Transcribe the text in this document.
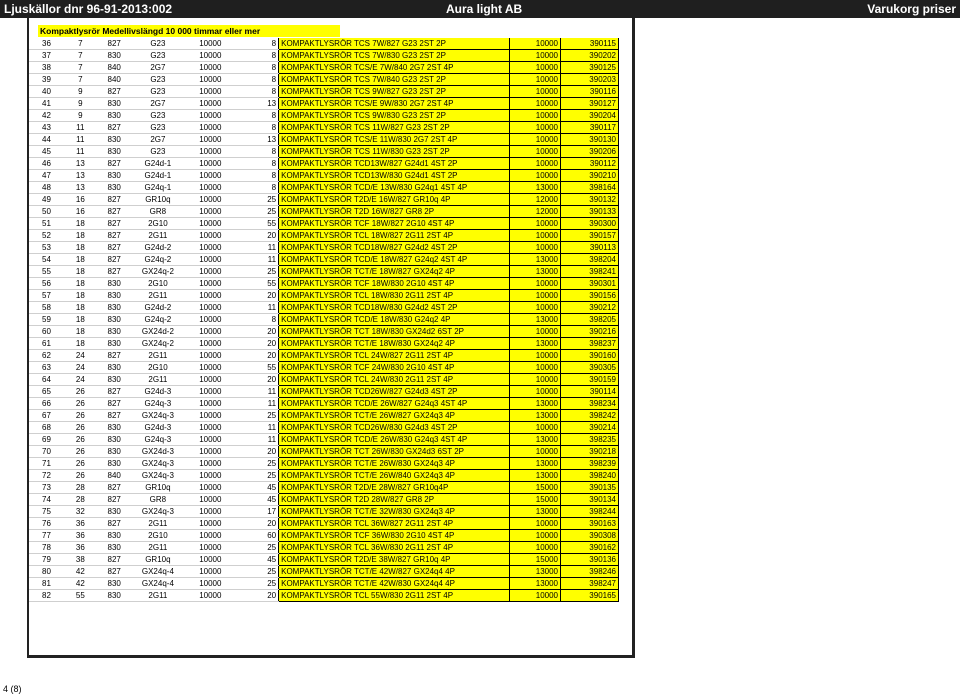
Ljuskällor dnr 96-91-2013:002	Aura light AB	Varukorg priser
Kompaktlysrör Medellivslängd 10 000 timmar eller mer
36	7	827	G23	10000	8	KOMPAKTLYSRÖR TCS 7W/827 G23 2ST 2P	10000	390115
37	7	830	G23	10000	8	KOMPAKTLYSRÖR TCS 7W/830 G23 2ST 2P	10000	390202
38	7	840	2G7	10000	8	KOMPAKTLYSRÖR TCS/E 7W/840 2G7 2ST 4P	10000	390125
39	7	840	G23	10000	8	KOMPAKTLYSRÖR TCS 7W/840 G23 2ST 2P	10000	390203
40	9	827	G23	10000	8	KOMPAKTLYSRÖR TCS 9W/827 G23 2ST 2P	10000	390116
41	9	830	2G7	10000	13	KOMPAKTLYSRÖR TCS/E 9W/830 2G7 2ST 4P	10000	390127
42	9	830	G23	10000	8	KOMPAKTLYSRÖR TCS 9W/830 G23 2ST 2P	10000	390204
43	11	827	G23	10000	8	KOMPAKTLYSRÖR TCS 11W/827 G23 2ST 2P	10000	390117
44	11	830	2G7	10000	13	KOMPAKTLYSRÖR TCS/E 11W/830 2G7 2ST 4P	10000	390130
45	11	830	G23	10000	8	KOMPAKTLYSRÖR TCS 11W/830 G23 2ST 2P	10000	390206
46	13	827	G24d-1	10000	8	KOMPAKTLYSRÖR TCD13W/827 G24d1 4ST 2P	10000	390112
47	13	830	G24d-1	10000	8	KOMPAKTLYSRÖR TCD13W/830 G24d1 4ST 2P	10000	390210
48	13	830	G24q-1	10000	8	KOMPAKTLYSRÖR TCD/E 13W/830 G24q1 4ST 4P	13000	398164
49	16	827	GR10q	10000	25	KOMPAKTLYSRÖR T2D/E 16W/827 GR10q 4P	12000	390132
50	16	827	GR8	10000	25	KOMPAKTLYSRÖR T2D 16W/827 GR8 2P	12000	390133
51	18	827	2G10	10000	55	KOMPAKTLYSRÖR TCF 18W/827 2G10 4ST 4P	10000	390300
52	18	827	2G11	10000	20	KOMPAKTLYSRÖR TCL 18W/827 2G11 2ST 4P	10000	390157
53	18	827	G24d-2	10000	11	KOMPAKTLYSRÖR TCD18W/827 G24d2 4ST 2P	10000	390113
54	18	827	G24q-2	10000	11	KOMPAKTLYSRÖR TCD/E 18W/827 G24q2 4ST 4P	13000	398204
55	18	827	GX24q-2	10000	25	KOMPAKTLYSRÖR TCT/E 18W/827 GX24q2 4P	13000	398241
56	18	830	2G10	10000	55	KOMPAKTLYSRÖR TCF 18W/830 2G10 4ST 4P	10000	390301
57	18	830	2G11	10000	20	KOMPAKTLYSRÖR TCL 18W/830 2G11 2ST 4P	10000	390156
58	18	830	G24d-2	10000	11	KOMPAKTLYSRÖR TCD18W/830 G24d2 4ST 2P	10000	390212
59	18	830	G24q-2	10000	8	KOMPAKTLYSRÖR TCD/E 18W/830 G24q2 4P	13000	398205
60	18	830	GX24d-2	10000	20	KOMPAKTLYSRÖR TCT 18W/830 GX24d2 6ST 2P	10000	390216
61	18	830	GX24q-2	10000	20	KOMPAKTLYSRÖR TCT/E 18W/830 GX24q2 4P	13000	398237
62	24	827	2G11	10000	20	KOMPAKTLYSRÖR TCL 24W/827 2G11 2ST 4P	10000	390160
63	24	830	2G10	10000	55	KOMPAKTLYSRÖR TCF 24W/830 2G10 4ST 4P	10000	390305
64	24	830	2G11	10000	20	KOMPAKTLYSRÖR TCL 24W/830 2G11 2ST 4P	10000	390159
65	26	827	G24d-3	10000	11	KOMPAKTLYSRÖR TCD26W/827 G24d3 4ST 2P	10000	390114
66	26	827	G24q-3	10000	11	KOMPAKTLYSRÖR TCD/E 26W/827 G24q3 4ST 4P	13000	398234
67	26	827	GX24q-3	10000	25	KOMPAKTLYSRÖR TCT/E 26W/827 GX24q3 4P	13000	398242
68	26	830	G24d-3	10000	11	KOMPAKTLYSRÖR TCD26W/830 G24d3 4ST 2P	10000	390214
69	26	830	G24q-3	10000	11	KOMPAKTLYSRÖR TCD/E 26W/830 G24q3 4ST 4P	13000	398235
70	26	830	GX24d-3	10000	20	KOMPAKTLYSRÖR TCT 26W/830 GX24d3 6ST 2P	10000	390218
71	26	830	GX24q-3	10000	25	KOMPAKTLYSRÖR TCT/E 26W/830 GX24q3 4P	13000	398239
72	26	840	GX24q-3	10000	25	KOMPAKTLYSRÖR TCT/E 26W/840 GX24q3 4P	13000	398240
73	28	827	GR10q	10000	45	KOMPAKTLYSRÖR T2D/E 28W/827 GR10q4P	15000	390135
74	28	827	GR8	10000	45	KOMPAKTLYSRÖR T2D 28W/827 GR8 2P	15000	390134
75	32	830	GX24q-3	10000	17	KOMPAKTLYSRÖR TCT/E 32W/830 GX24q3 4P	13000	398244
76	36	827	2G11	10000	20	KOMPAKTLYSRÖR TCL 36W/827 2G11 2ST 4P	10000	390163
77	36	830	2G10	10000	60	KOMPAKTLYSRÖR TCF 36W/830 2G10 4ST 4P	10000	390308
78	36	830	2G11	10000	25	KOMPAKTLYSRÖR TCL 36W/830 2G11 2ST 4P	10000	390162
79	38	827	GR10q	10000	45	KOMPAKTLYSRÖR T2D/E 38W/827 GR10q 4P	15000	390136
80	42	827	GX24q-4	10000	25	KOMPAKTLYSRÖR TCT/E 42W/827 GX24q4 4P	13000	398246
81	42	830	GX24q-4	10000	25	KOMPAKTLYSRÖR TCT/E 42W/830 GX24q4 4P	13000	398247
82	55	830	2G11	10000	20	KOMPAKTLYSRÖR TCL 55W/830 2G11 2ST 4P	10000	390165
4 (8)
